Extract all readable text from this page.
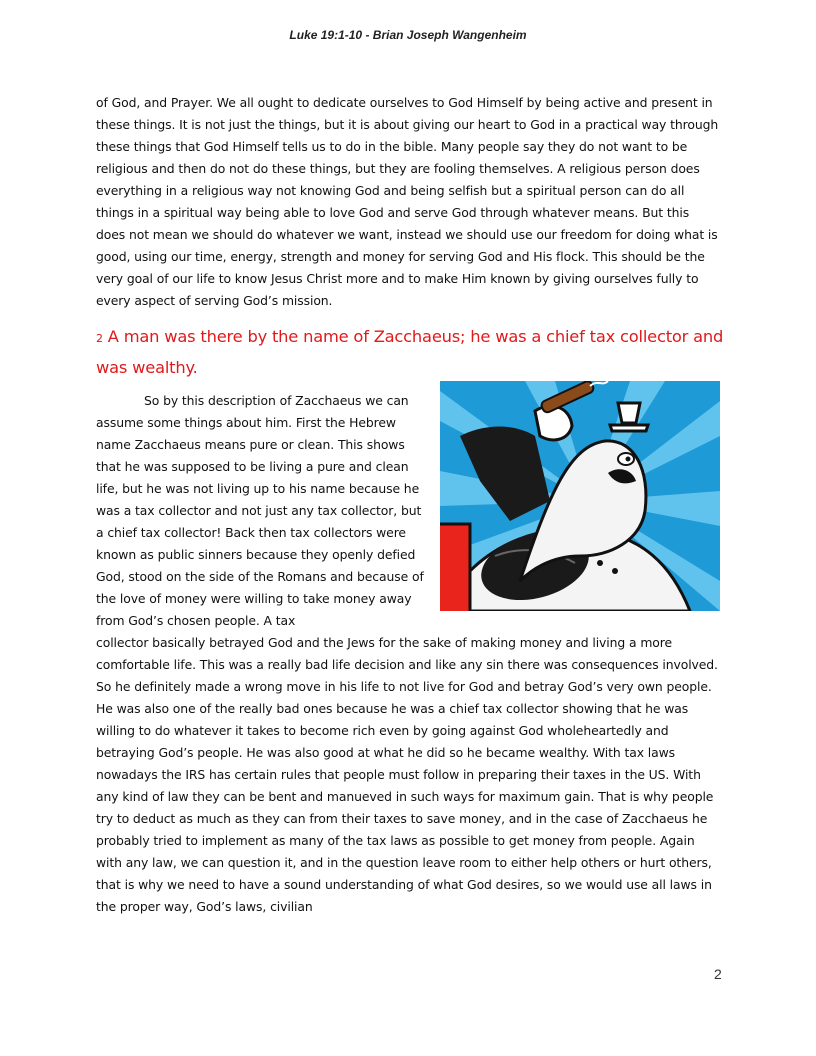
Luke 19:1-10 - Brian Joseph Wangenheim

of God, and Prayer. We all ought to dedicate ourselves to God Himself by being active and present in these things. It is not just the things, but it is about giving our heart to God in a practical way through these things that God Himself tells us to do in the bible. Many people say they do not want to be religious and then do not do these things, but they are fooling themselves. A religious person does everything in a religious way not knowing God and being selfish but a spiritual person can do all things in a spiritual way being able to love God and serve God through whatever means. But this does not mean we should do whatever we want, instead we should use our freedom for doing what is good, using our time, energy, strength and money for serving God and His flock. This should be the very goal of our life to know Jesus Christ more and to make Him known by giving ourselves fully to every aspect of serving God’s mission.

2 A man was there by the name of Zacchaeus; he was a chief tax collector and was wealthy.

So by this description of Zacchaeus we can assume some things about him. First the Hebrew name Zacchaeus means pure or clean. This shows that he was supposed to be living a pure and clean life, but he was not living up to his name because he was a tax collector and not just any tax collector, but a chief tax collector! Back then tax collectors were known as public sinners because they openly defied God, stood on the side of the Romans and because of the love of money were willing to take money away from God’s chosen people. A tax

collector basically betrayed God and the Jews for the sake of making money and living a more comfortable life. This was a really bad life decision and like any sin there was consequences involved. So he definitely made a wrong move in his life to not live for God and betray God’s very own people. He was also one of the really bad ones because he was a chief tax collector showing that he was willing to do whatever it takes to become rich even by going against God wholeheartedly and betraying God’s people. He was also good at what he did so he became wealthy. With tax laws nowadays the IRS has certain rules that people must follow in preparing their taxes in the US. With any kind of law they can be bent and manueved in such ways for maximum gain. That is why people try to deduct as much as they can from their taxes to save money, and in the case of Zacchaeus he probably tried to implement as many of the tax laws as possible to get money from people. Again with any law, we can question it, and in the question leave room to either help others or hurt others, that is why we need to have a sound understanding of what God desires, so we would use all laws in the proper way, God’s laws, civilian

2
